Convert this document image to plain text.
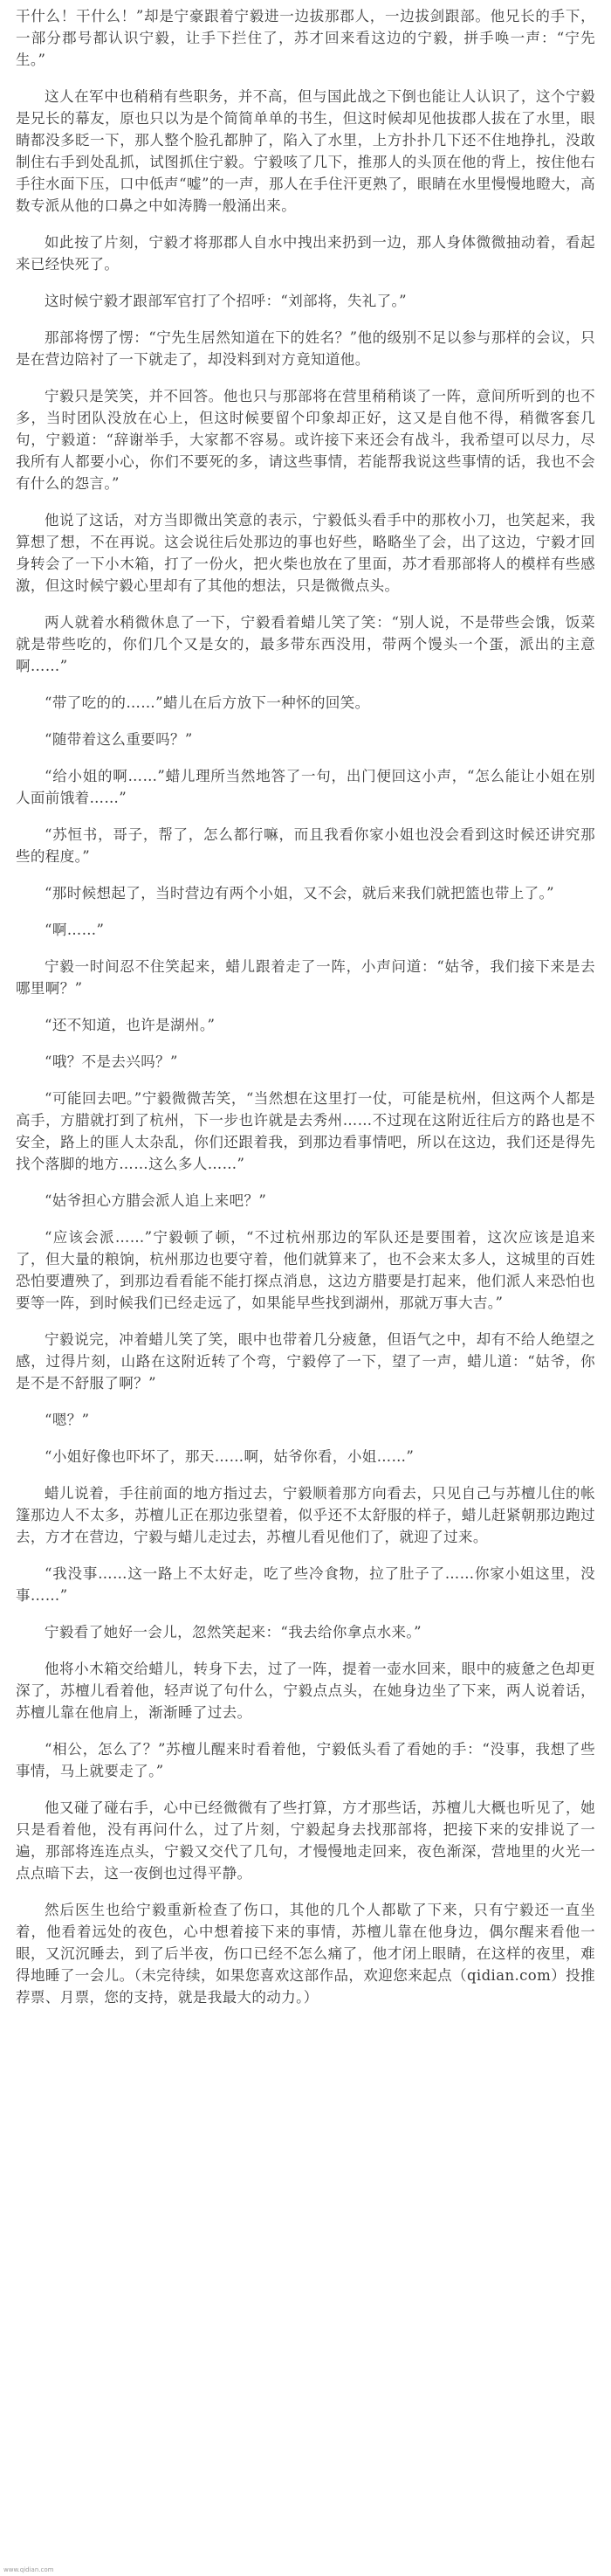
干什么！干什么！”却是宁豪跟着宁毅进一边拔那郡人，一边拔剑跟部。他兄长的手下，一部分郡号都认识宁毅，让手下拦住了，苏才回来看这边的宁毅，拼手唤一声：“宁先生。”

这人在军中也稍稍有些职务，并不高，但与国此战之下倒也能让人认识了，这个宁毅是兄长的幕友，原也只以为是个简简单单的书生，但这时候却见他拔郡人拔在了水里，眼睛都没多眨一下，那人整个脸孔都肿了，陷入了水里，上方扑扑几下还不住地挣扎，没敢制住右手到处乱抓，试图抓住宁毅。宁毅咳了几下，推那人的头顶在他的背上，按住他右手往水面下压，口中低声“嘘”的一声，那人在手住汗更熟了，眼睛在水里慢慢地瞪大，高数专派从他的口鼻之中如涛腾一般涌出来。

如此按了片刻，宁毅才将那郡人自水中拽出来扔到一边，那人身体微微抽动着，看起来已经快死了。

这时候宁毅才跟部军官打了个招呼：“刘部将，失礼了。”

那部将愣了愣：“宁先生居然知道在下的姓名？”他的级别不足以参与那样的会议，只是在营边陪衬了一下就走了，却没料到对方竟知道他。

宁毅只是笑笑，并不回答。他也只与那部将在营里稍稍谈了一阵，意间所听到的也不多，当时团队没放在心上，但这时候要留个印象却正好，这又是自他不得，稍微客套几句，宁毅道：“辞谢举手，大家都不容易。或许接下来还会有战斗，我希望可以尽力，尽我所有人都要小心，你们不要死的多，请这些事情，若能帮我说这些事情的话，我也不会有什么的怨言。”

他说了这话，对方当即微出笑意的表示，宁毅低头看手中的那枚小刀，也笑起来，我算想了想，不在再说。这会说往后处那边的事也好些，略略坐了会，出了这边，宁毅才回身转会了一下小木箱，打了一份火，把火柴也放在了里面，苏才看那部将人的模样有些感激，但这时候宁毅心里却有了其他的想法，只是微微点头。

两人就着水稍微休息了一下，宁毅看着蜡儿笑了笑：“别人说，不是带些会饿，饭菜就是带些吃的，你们几个又是女的，最多带东西没用，带两个馒头一个蛋，派出的主意啊……”

“带了吃的的……”蜡儿在后方放下一种怀的回笑。

“随带着这么重要吗？”

“给小姐的啊……”蜡儿理所当然地答了一句，出门便回这小声，“怎么能让小姐在别人面前饿着……”

“苏恒书，哥子，帮了，怎么都行嘛，而且我看你家小姐也没会看到这时候还讲究那些的程度。”

“那时候想起了，当时营边有两个小姐，又不会，就后来我们就把篮也带上了。”

“啊……”

宁毅一时间忍不住笑起来，蜡儿跟着走了一阵，小声问道：“姑爷，我们接下来是去哪里啊？”

“还不知道，也许是湖州。”

“哦？不是去兴吗？”

“可能回去吧。”宁毅微微苦笑，“当然想在这里打一仗，可能是杭州，但这两个人都是高手，方腊就打到了杭州，下一步也许就是去秀州……不过现在这附近往后方的路也是不安全，路上的匪人太杂乱，你们还跟着我，到那边看事情吧，所以在这边，我们还是得先找个落脚的地方……这么多人……”

“姑爷担心方腊会派人追上来吧？”

“应该会派……”宁毅顿了顿，“不过杭州那边的军队还是要围着，这次应该是追来了，但大量的粮饷，杭州那边也要守着，他们就算来了，也不会来太多人，这城里的百姓恐怕要遭殃了，到那边看看能不能打探点消息，这边方腊要是打起来，他们派人来恐怕也要等一阵，到时候我们已经走远了，如果能早些找到湖州，那就万事大吉。”

宁毅说完，冲着蜡儿笑了笑，眼中也带着几分疲惫，但语气之中，却有不给人绝望之感，过得片刻，山路在这附近转了个弯，宁毅停了一下，望了一声，蜡儿道：“姑爷，你是不是不舒服了啊？”

“嗯？”

“小姐好像也吓坏了，那天……啊，姑爷你看，小姐……”

蜡儿说着，手往前面的地方指过去，宁毅顺着那方向看去，只见自己与苏檀儿住的帐篷那边人不太多，苏檀儿正在那边张望着，似乎还不太舒服的样子，蜡儿赶紧朝那边跑过去，方才在营边，宁毅与蜡儿走过去，苏檀儿看见他们了，就迎了过来。

“我没事……这一路上不太好走，吃了些冷食物，拉了肚子了……你家小姐这里，没事……”

宁毅看了她好一会儿，忽然笑起来：“我去给你拿点水来。”

他将小木箱交给蜡儿，转身下去，过了一阵，提着一壶水回来，眼中的疲惫之色却更深了，苏檀儿看着他，轻声说了句什么，宁毅点点头，在她身边坐了下来，两人说着话，苏檀儿靠在他肩上，渐渐睡了过去。

“相公，怎么了？”苏檀儿醒来时看着他，宁毅低头看了看她的手：“没事，我想了些事情，马上就要走了。”

他又碰了碰右手，心中已经微微有了些打算，方才那些话，苏檀儿大概也听见了，她只是看着他，没有再问什么，过了片刻，宁毅起身去找那部将，把接下来的安排说了一遍，那部将连连点头，宁毅又交代了几句，才慢慢地走回来，夜色渐深，营地里的火光一点点暗下去，这一夜倒也过得平静。

然后医生也给宁毅重新检查了伤口，其他的几个人都歇了下来，只有宁毅还一直坐着，他看着远处的夜色，心中想着接下来的事情，苏檀儿靠在他身边，偶尔醒来看他一眼，又沉沉睡去，到了后半夜，伤口已经不怎么痛了，他才闭上眼睛，在这样的夜里，难得地睡了一会儿。（未完待续，如果您喜欢这部作品，欢迎您来起点（qidian.com）投推荐票、月票，您的支持，就是我最大的动力。）

www.qidian.com
